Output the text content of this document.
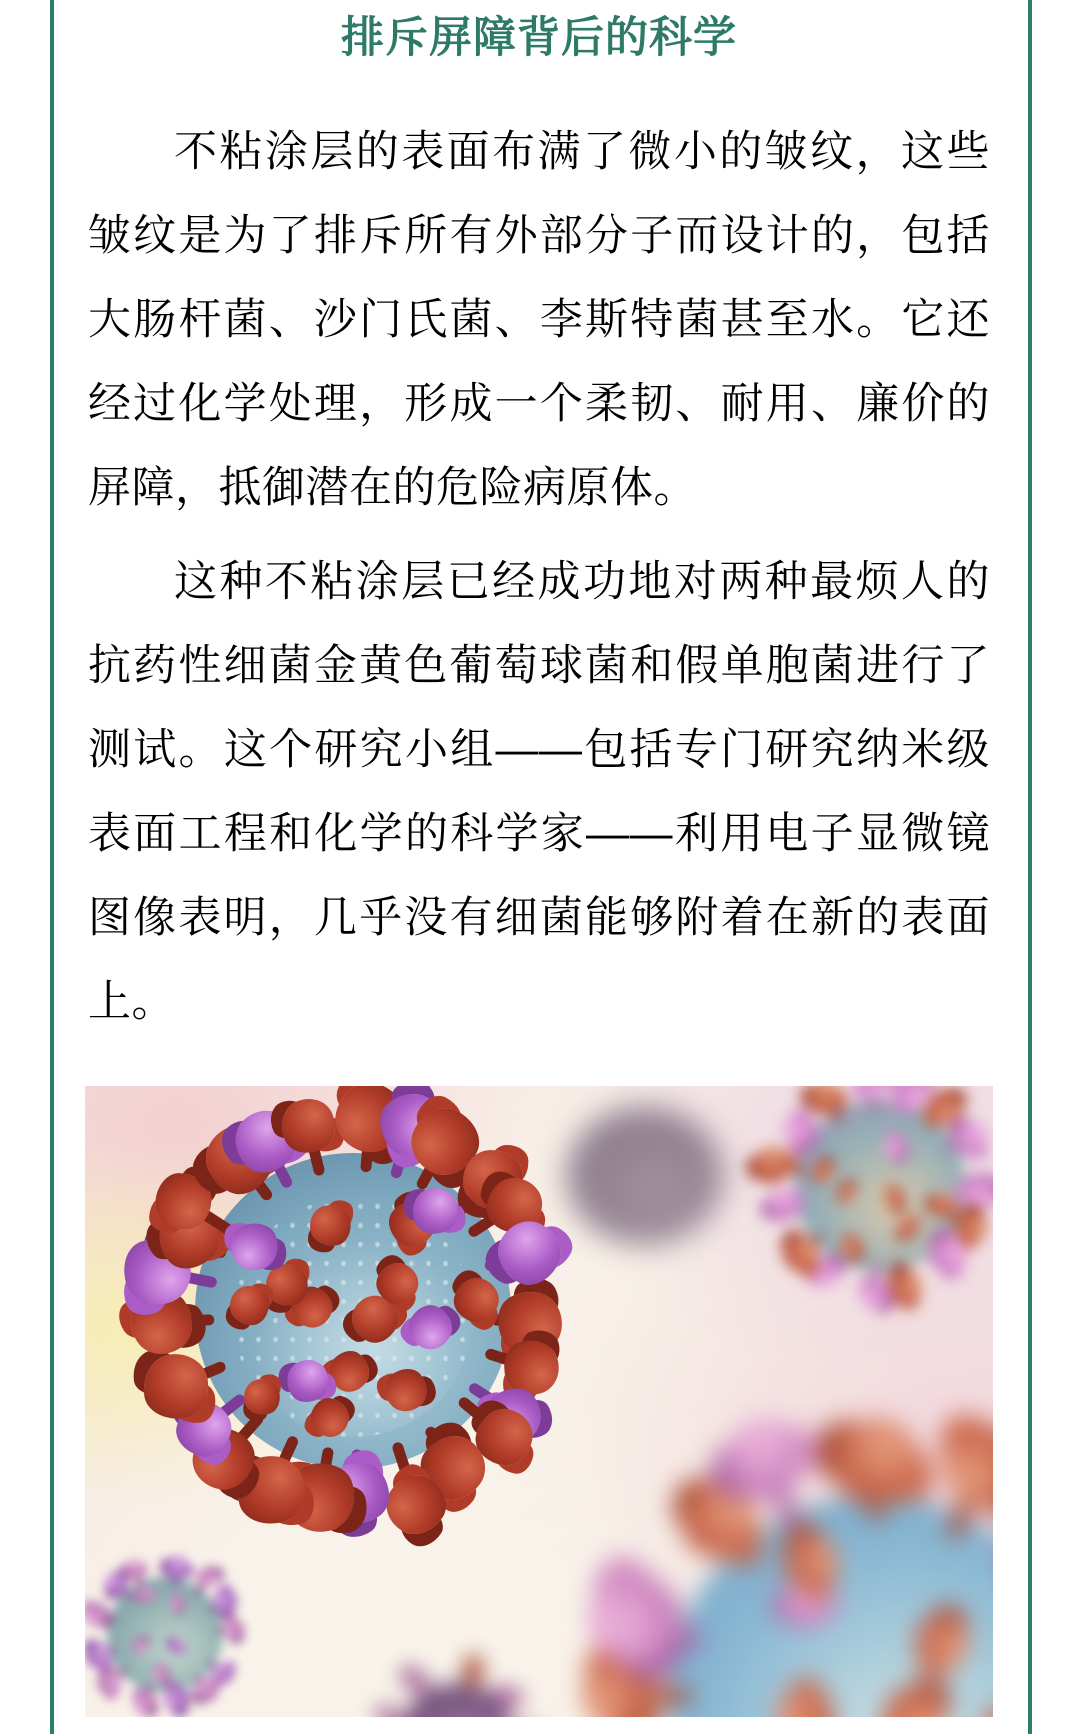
排斥屏障背后的科学

不粘涂层的表面布满了微小的皱纹，这些皱纹是为了排斥所有外部分子而设计的，包括大肠杆菌、沙门氏菌、李斯特菌甚至水。它还经过化学处理，形成一个柔韧、耐用、廉价的屏障，抵御潜在的危险病原体。

这种不粘涂层已经成功地对两种最烦人的抗药性细菌金黄色葡萄球菌和假单胞菌进行了测试。这个研究小组——包括专门研究纳米级表面工程和化学的科学家——利用电子显微镜图像表明，几乎没有细菌能够附着在新的表面上。
